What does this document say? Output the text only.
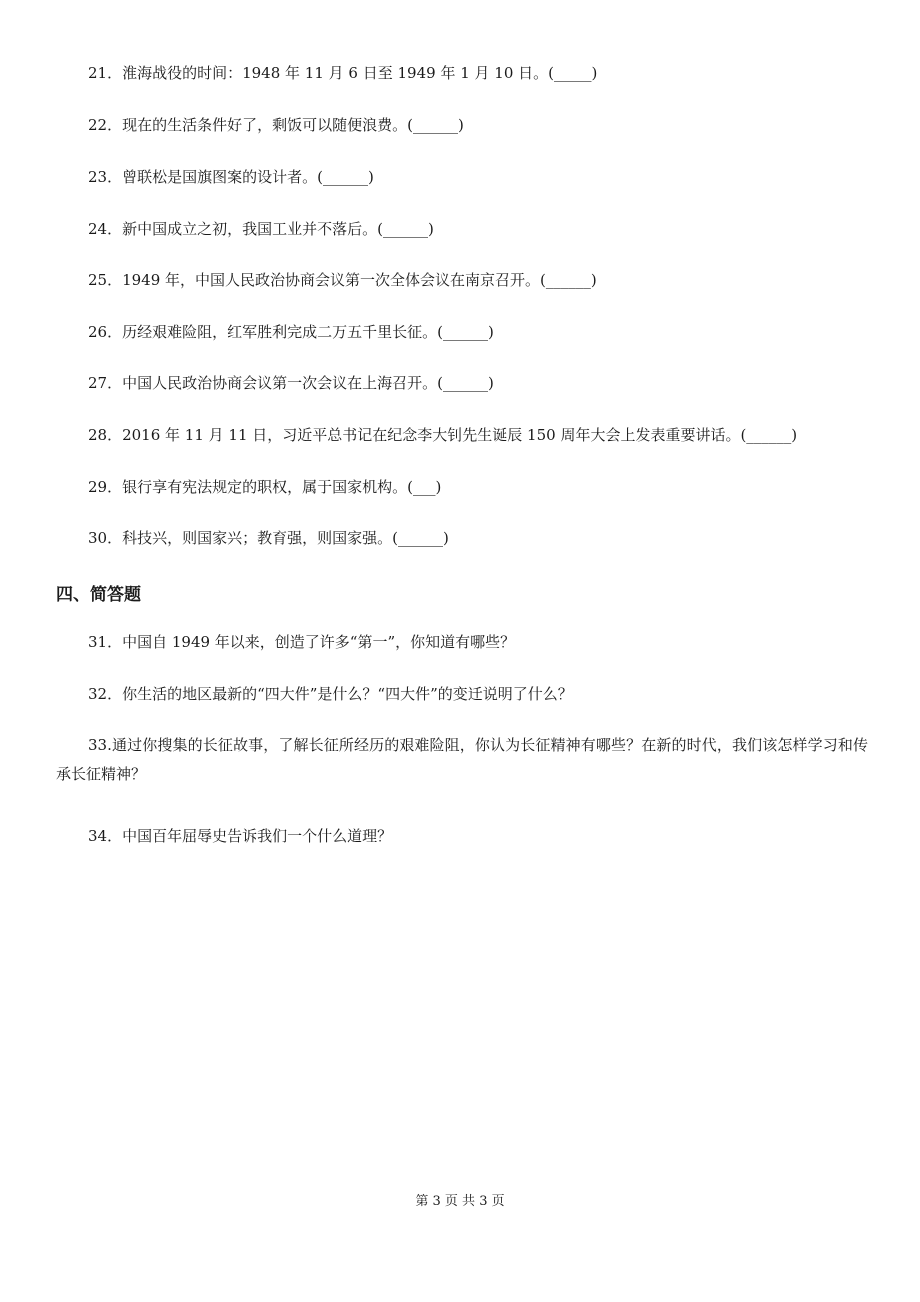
21．淮海战役的时间：1948 年 11 月 6 日至 1949 年 1 月 10 日。(_____)
22．现在的生活条件好了，剩饭可以随便浪费。(______)
23．曾联松是国旗图案的设计者。(______)
24．新中国成立之初，我国工业并不落后。(______)
25．1949 年，中国人民政治协商会议第一次全体会议在南京召开。(______)
26．历经艰难险阻，红军胜利完成二万五千里长征。(______)
27．中国人民政治协商会议第一次会议在上海召开。(______)
28．2016 年 11 月 11 日，习近平总书记在纪念李大钊先生诞辰 150 周年大会上发表重要讲话。(______)
29．银行享有宪法规定的职权，属于国家机构。(___)
30．科技兴，则国家兴；教育强，则国家强。(______)
四、简答题
31．中国自 1949 年以来，创造了许多“第一”，你知道有哪些？
32．你生活的地区最新的“四大件”是什么？“四大件”的变迁说明了什么？
33.通过你搜集的长征故事，了解长征所经历的艰难险阻，你认为长征精神有哪些？在新的时代，我们该怎样学习和传承长征精神？
34．中国百年屈辱史告诉我们一个什么道理？
第 3 页 共 3 页
